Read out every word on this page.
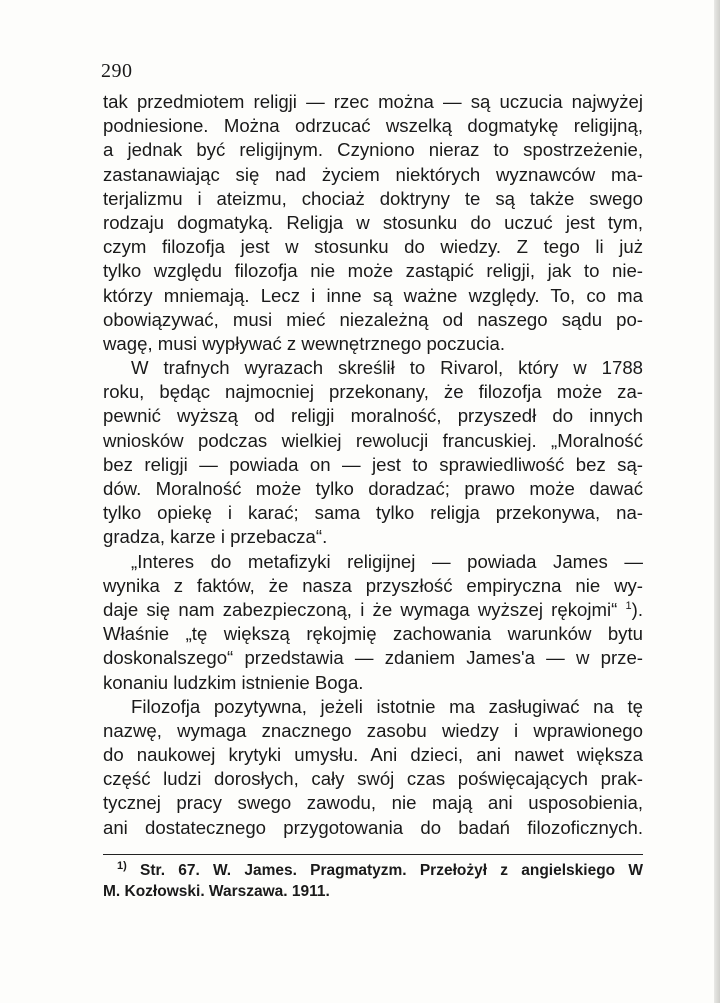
290
tak przedmiotem religji — rzec można — są uczucia najwyżej
podniesione. Można odrzucać wszelką dogmatykę religijną,
a jednak być religijnym. Czyniono nieraz to spostrzeżenie,
zastanawiając się nad życiem niektórych wyznawców ma-
terjalizmu i ateizmu, chociaż doktryny te są także swego
rodzaju dogmatyką. Religja w stosunku do uczuć jest tym,
czym filozofja jest w stosunku do wiedzy. Z tego li już
tylko względu filozofja nie może zastąpić religji, jak to nie-
którzy mniemają. Lecz i inne są ważne względy. To, co ma
obowiązywać, musi mieć niezależną od naszego sądu po-
wagę, musi wypływać z wewnętrznego poczucia.
W trafnych wyrazach skreślił to Rivarol, który w 1788
roku, będąc najmocniej przekonany, że filozofja może za-
pewnić wyższą od religji moralność, przyszedł do innych
wniosków podczas wielkiej rewolucji francuskiej. „Moralność
bez religji — powiada on — jest to sprawiedliwość bez są-
dów. Moralność może tylko doradzać; prawo może dawać
tylko opiekę i karać; sama tylko religja przekonywa, na-
gradza, karze i przebacza“.
„Interes do metafizyki religijnej — powiada James —
wynika z faktów, że nasza przyszłość empiryczna nie wy-
daje się nam zabezpieczoną, i że wymaga wyższej rękojmi“ $^1$).
Właśnie „tę większą rękojmię zachowania warunków bytu
doskonalszego“ przedstawia — zdaniem James'a — w prze-
konaniu ludzkim istnienie Boga.
Filozofja pozytywna, jeżeli istotnie ma zasługiwać na tę
nazwę, wymaga znacznego zasobu wiedzy i wprawionego
do naukowej krytyki umysłu. Ani dzieci, ani nawet większa
część ludzi dorosłych, cały swój czas poświęcających prak-
tycznej pracy swego zawodu, nie mają ani usposobienia,
ani dostatecznego przygotowania do badań filozoficznych.
$^{1)}$ Str. 67. W. James. Pragmatyzm. Przełożył z angielskiego W
M. Kozłowski. Warszawa. 1911.
